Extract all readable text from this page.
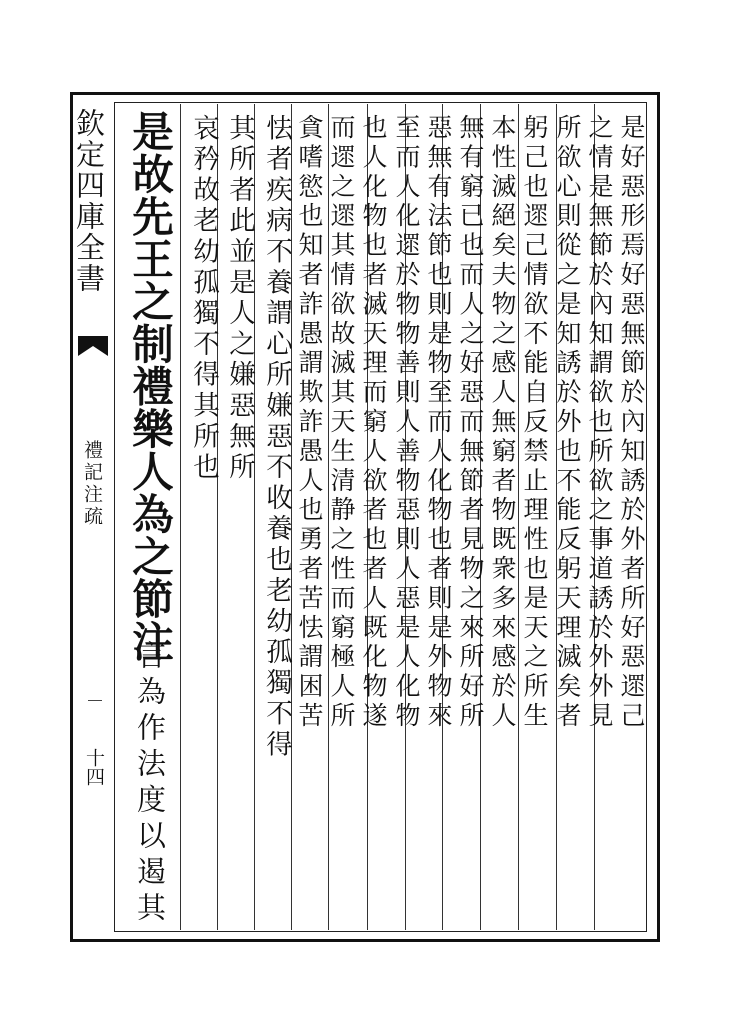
欽定四庫全書
禮記注疏
十四
是故先王之制禮樂人為之節注
言為作法度以遏其
哀矜故老幼孤獨不得其所也 其所者此並是人之嫌惡無所 怯者疾病不養謂心所嫌惡不收養也老幼孤獨不得 貪嗜慾也知者詐愚謂欺詐愚人也勇者苦怯謂困苦 而遝之遝其情欲故滅其天生清静之性而窮極人所 也人化物也者滅天理而窮人欲者也者人既化物遂 至而人化遝於物物善則人善物惡則人惡是人化物 惡無有法節也則是物至而人化物也者則是外物來 無有窮已也而人之好惡而無節者見物之來所好所 本性滅絕矣夫物之感人無窮者物既衆多來感於人 躬己也遝己情欲不能自反禁止理性也是天之所生 所欲心則從之是知誘於外也不能反躬天理滅矣者 之情是無節於內知謂欲也所欲之事道誘於外外見 是好惡形焉好惡無節於內知誘於外者所好惡遝己
